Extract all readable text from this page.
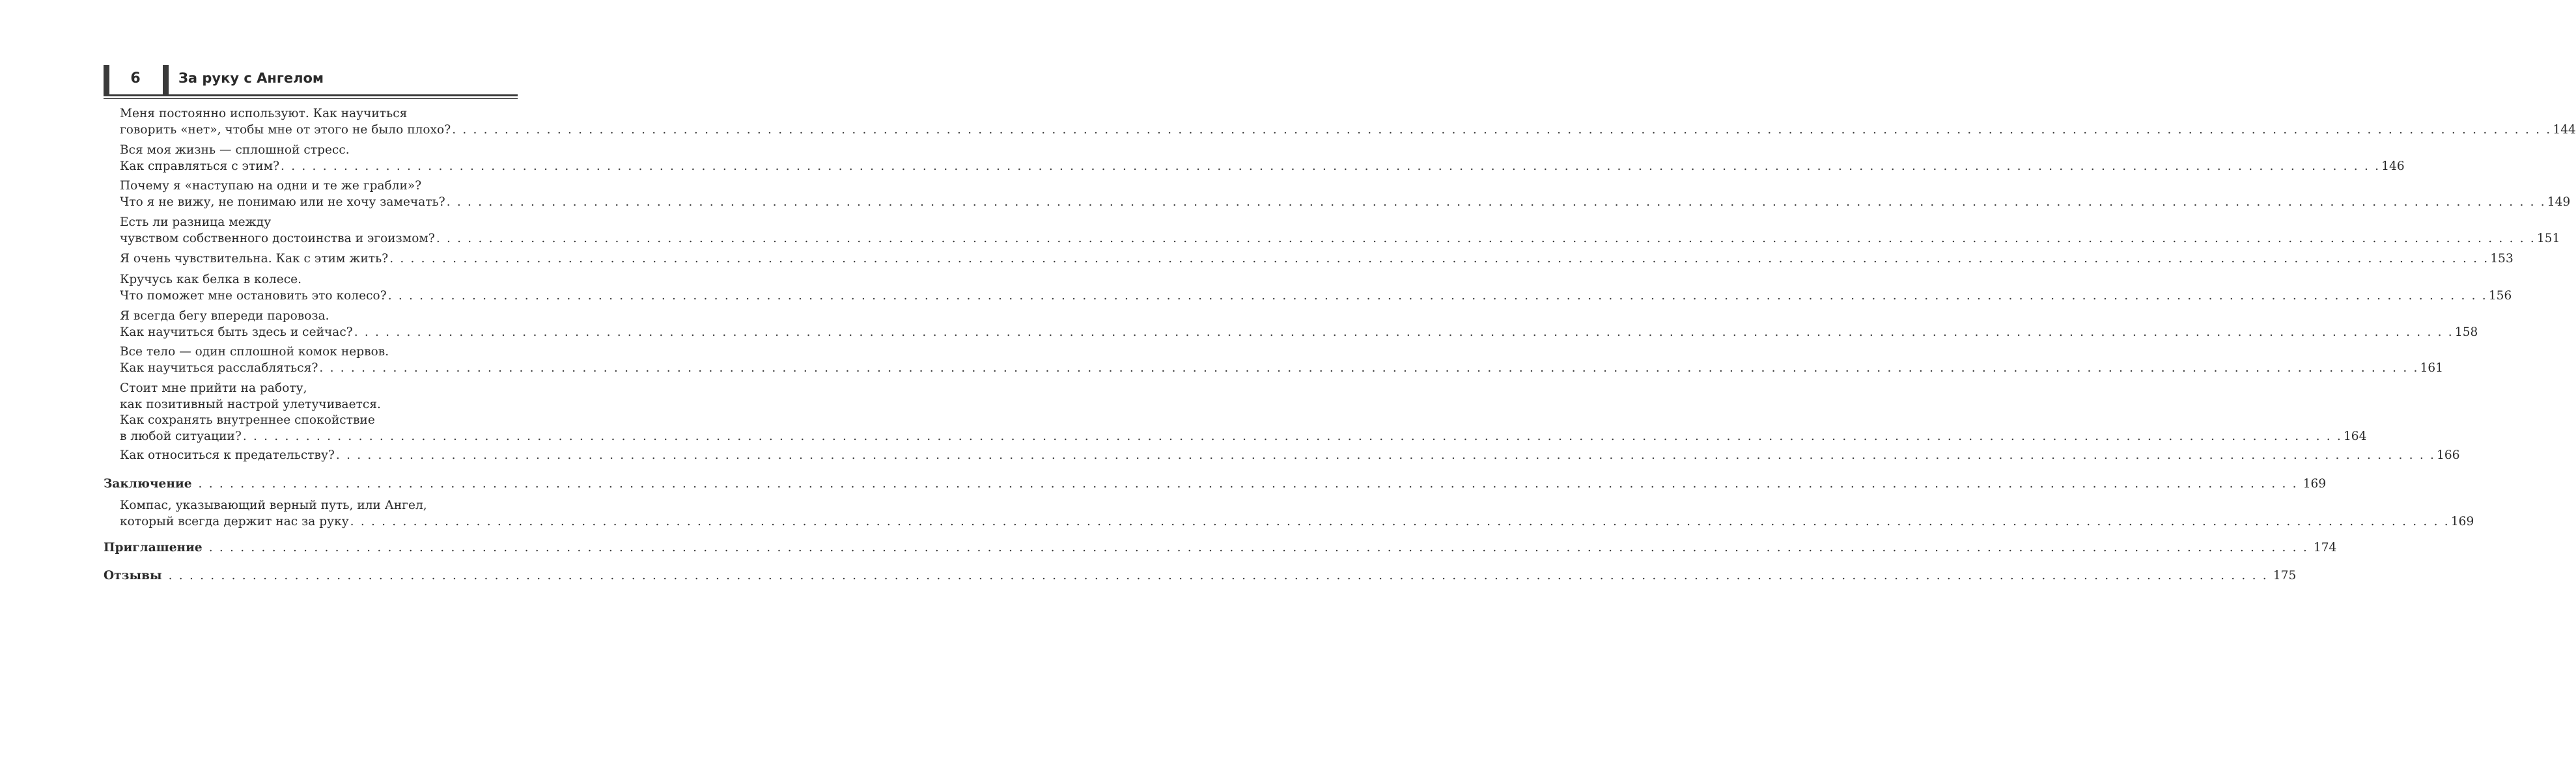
6	За руку с Ангелом
Меня постоянно используют. Как научиться
говорить «нет», чтобы мне от этого не было плохо? . . . . . . . . . . . . . . . . . . . . . . . . . . . . . . . . . . . . . . . . . . . . . . . . . . . . . . . . . . . . . . . . . . . . . . . . . . . . . . . . . . . . . . . . . . . . . . . . . . . . . . . . . . . . . . . . . . . . . . . . . . . . . . . . . . . . . . . . . . . . . . . . . . . . . . . . . . . . . . . . . . . . . . . . . . . . . . . . . . . . . . . . . . . . . . . . . . . . . . . . 144
Вся моя жизнь — сплошной стресс.
Как справляться с этим? . . . . . . . . . . . . . . . . . . . . . . . . . . . . . . . . . . . . . . . . . . . . . . . . . . . . . . . . . . . . . . . . . . . . . . . . . . . . . . . . . . . . . . . . . . . . . . . . . . . . . . . . . . . . . . . . . . . . . . . . . . . . . . . . . . . . . . . . . . . . . . . . . . . . . . . . . . . . . . . . . . . . . . . . . . . . . . . . . . . . . . . . . . . . . . . . . . . . . . . . 146
Почему я «наступаю на одни и те же грабли»?
Что я не вижу, не понимаю или не хочу замечать? . . . . . . . . . . . . . . . . . . . . . . . . . . . . . . . . . . . . . . . . . . . . . . . . . . . . . . . . . . . . . . . . . . . . . . . . . . . . . . . . . . . . . . . . . . . . . . . . . . . . . . . . . . . . . . . . . . . . . . . . . . . . . . . . . . . . . . . . . . . . . . . . . . . . . . . . . . . . . . . . . . . . . . . . . . . . . . . . . . . . . . . . . . . . . . . . . . . . . . . . 149
Есть ли разница между
чувством собственного достоинства и эгоизмом? . . . . . . . . . . . . . . . . . . . . . . . . . . . . . . . . . . . . . . . . . . . . . . . . . . . . . . . . . . . . . . . . . . . . . . . . . . . . . . . . . . . . . . . . . . . . . . . . . . . . . . . . . . . . . . . . . . . . . . . . . . . . . . . . . . . . . . . . . . . . . . . . . . . . . . . . . . . . . . . . . . . . . . . . . . . . . . . . . . . . . . . . . . . . . . . . . . . . . . . . 151
Я очень чувствительна. Как с этим жить? . . . . . . . . . . . . . . . . . . . . . . . . . . . . . . . . . . . . . . . . . . . . . . . . . . . . . . . . . . . . . . . . . . . . . . . . . . . . . . . . . . . . . . . . . . . . . . . . . . . . . . . . . . . . . . . . . . . . . . . . . . . . . . . . . . . . . . . . . . . . . . . . . . . . . . . . . . . . . . . . . . . . . . . . . . . . . . . . . . . . . . . . . . . . . . . . . . . . . . . . 153
Кручусь как белка в колесе.
Что поможет мне остановить это колесо? . . . . . . . . . . . . . . . . . . . . . . . . . . . . . . . . . . . . . . . . . . . . . . . . . . . . . . . . . . . . . . . . . . . . . . . . . . . . . . . . . . . . . . . . . . . . . . . . . . . . . . . . . . . . . . . . . . . . . . . . . . . . . . . . . . . . . . . . . . . . . . . . . . . . . . . . . . . . . . . . . . . . . . . . . . . . . . . . . . . . . . . . . . . . . . . . . . . . . . . . 156
Я всегда бегу впереди паровоза.
Как научиться быть здесь и сейчас? . . . . . . . . . . . . . . . . . . . . . . . . . . . . . . . . . . . . . . . . . . . . . . . . . . . . . . . . . . . . . . . . . . . . . . . . . . . . . . . . . . . . . . . . . . . . . . . . . . . . . . . . . . . . . . . . . . . . . . . . . . . . . . . . . . . . . . . . . . . . . . . . . . . . . . . . . . . . . . . . . . . . . . . . . . . . . . . . . . . . . . . . . . . . . . . . . . . . . . . . 158
Все тело — один сплошной комок нервов.
Как научиться расслабляться? . . . . . . . . . . . . . . . . . . . . . . . . . . . . . . . . . . . . . . . . . . . . . . . . . . . . . . . . . . . . . . . . . . . . . . . . . . . . . . . . . . . . . . . . . . . . . . . . . . . . . . . . . . . . . . . . . . . . . . . . . . . . . . . . . . . . . . . . . . . . . . . . . . . . . . . . . . . . . . . . . . . . . . . . . . . . . . . . . . . . . . . . . . . . . . . . . . . . . . . . 161
Стоит мне прийти на работу,
как позитивный настрой улетучивается.
Как сохранять внутреннее спокойствие
в любой ситуации? . . . . . . . . . . . . . . . . . . . . . . . . . . . . . . . . . . . . . . . . . . . . . . . . . . . . . . . . . . . . . . . . . . . . . . . . . . . . . . . . . . . . . . . . . . . . . . . . . . . . . . . . . . . . . . . . . . . . . . . . . . . . . . . . . . . . . . . . . . . . . . . . . . . . . . . . . . . . . . . . . . . . . . . . . . . . . . . . . . . . . . . . . . . . . . . . . . . . . . . . 164
Как относиться к предательству? . . . . . . . . . . . . . . . . . . . . . . . . . . . . . . . . . . . . . . . . . . . . . . . . . . . . . . . . . . . . . . . . . . . . . . . . . . . . . . . . . . . . . . . . . . . . . . . . . . . . . . . . . . . . . . . . . . . . . . . . . . . . . . . . . . . . . . . . . . . . . . . . . . . . . . . . . . . . . . . . . . . . . . . . . . . . . . . . . . . . . . . . . . . . . . . . . . . . . . . . 166
Заключение . . . . . . . . . . . . . . . . . . . . . . . . . . . . . . . . . . . . . . . . . . . . . . . . . . . . . . . . . . . . . . . . . . . . . . . . . . . . . . . . . . . . . . . . . . . . . . . . . . . . . . . . . . . . . . . . . . . . . . . . . . . . . . . . . . . . . . . . . . . . . . . . . . . . . . . . . . . . . . . . . . . . . . . . . . . . . . . . . . . . . . . . . . . . . . . . . . . . . . . . 169
Компас, указывающий верный путь, или Ангел,
который всегда держит нас за руку . . . . . . . . . . . . . . . . . . . . . . . . . . . . . . . . . . . . . . . . . . . . . . . . . . . . . . . . . . . . . . . . . . . . . . . . . . . . . . . . . . . . . . . . . . . . . . . . . . . . . . . . . . . . . . . . . . . . . . . . . . . . . . . . . . . . . . . . . . . . . . . . . . . . . . . . . . . . . . . . . . . . . . . . . . . . . . . . . . . . . . . . . . . . . . . . . . . . . . . . 169
Приглашение . . . . . . . . . . . . . . . . . . . . . . . . . . . . . . . . . . . . . . . . . . . . . . . . . . . . . . . . . . . . . . . . . . . . . . . . . . . . . . . . . . . . . . . . . . . . . . . . . . . . . . . . . . . . . . . . . . . . . . . . . . . . . . . . . . . . . . . . . . . . . . . . . . . . . . . . . . . . . . . . . . . . . . . . . . . . . . . . . . . . . . . . . . . . . . . . . . . . . . . . 174
Отзывы . . . . . . . . . . . . . . . . . . . . . . . . . . . . . . . . . . . . . . . . . . . . . . . . . . . . . . . . . . . . . . . . . . . . . . . . . . . . . . . . . . . . . . . . . . . . . . . . . . . . . . . . . . . . . . . . . . . . . . . . . . . . . . . . . . . . . . . . . . . . . . . . . . . . . . . . . . . . . . . . . . . . . . . . . . . . . . . . . . . . . . . . . . . . . . . . . . . . . . . . 175
